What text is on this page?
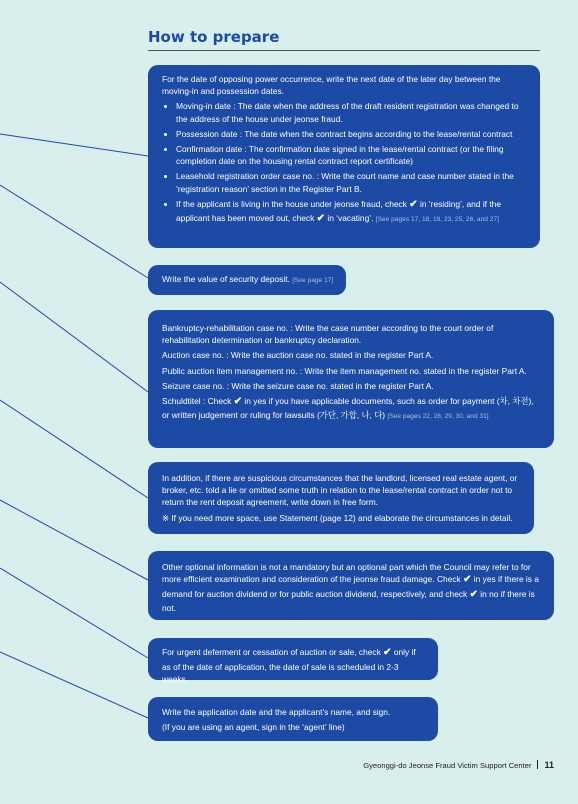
How to prepare

For the date of opposing power occurrence, write the next date of the later day between the moving-in and possession dates.

• Moving-in date : The date when the address of the draft resident registration was changed to the address of the house under jeonse fraud.
• Possession date : The date when the contract begins according to the lease/rental contract
• Confirmation date : The confirmation date signed in the lease/rental contract (or the filing completion date on the housing rental contract report certificate)
• Leasehold registration order case no. : Write the court name and case number stated in the ‘registration reason’ section in the Register Part B.
• If the applicant is living in the house under jeonse fraud, check ✔ in ‘residing’, and if the applicant has been moved out, check ✔ in ‘vacating’. [See pages 17, 18, 19, 23, 25, 26, and 27]
Write the value of security deposit. [See page 17]

Bankruptcy-rehabilitation case no. : Write the case number according to the court order of rehabilitation determination or bankruptcy declaration.

Auction case no. : Write the auction case no. stated in the register Part A.

Public auction item management no. : Write the item management no. stated in the register Part A.

Seizure case no. : Write the seizure case no. stated in the register Part A.

Schuldtitel : Check ✔ in yes if you have applicable documents, such as order for payment (차, 차전), or written judgement or ruling for lawsuits (가단, 가합, 나, 다) [See pages 22, 28, 29, 30, and 31]

In addition, if there are suspicious circumstances that the landlord, licensed real estate agent, or broker, etc. told a lie or omitted some truth in relation to the lease/rental contract in order not to return the rent deposit agreement, write down in free form.

※ If you need more space, use Statement (page 12) and elaborate the circumstances in detail.

Other optional information is not a mandatory but an optional part which the Council may refer to for more efficient examination and consideration of the jeonse fraud damage. Check ✔ in yes if there is a demand for auction dividend or for public auction dividend, respectively, and check ✔ in no if there is not.
For urgent deferment or cessation of auction or sale, check ✔ only if as of the date of application, the date of sale is scheduled in 2-3 weeks.

Write the application date and the applicant’s name, and sign.

(If you are using an agent, sign in the ‘agent’ line)

Gyeonggi-do Jeonse Fraud Victim Support Center 11
